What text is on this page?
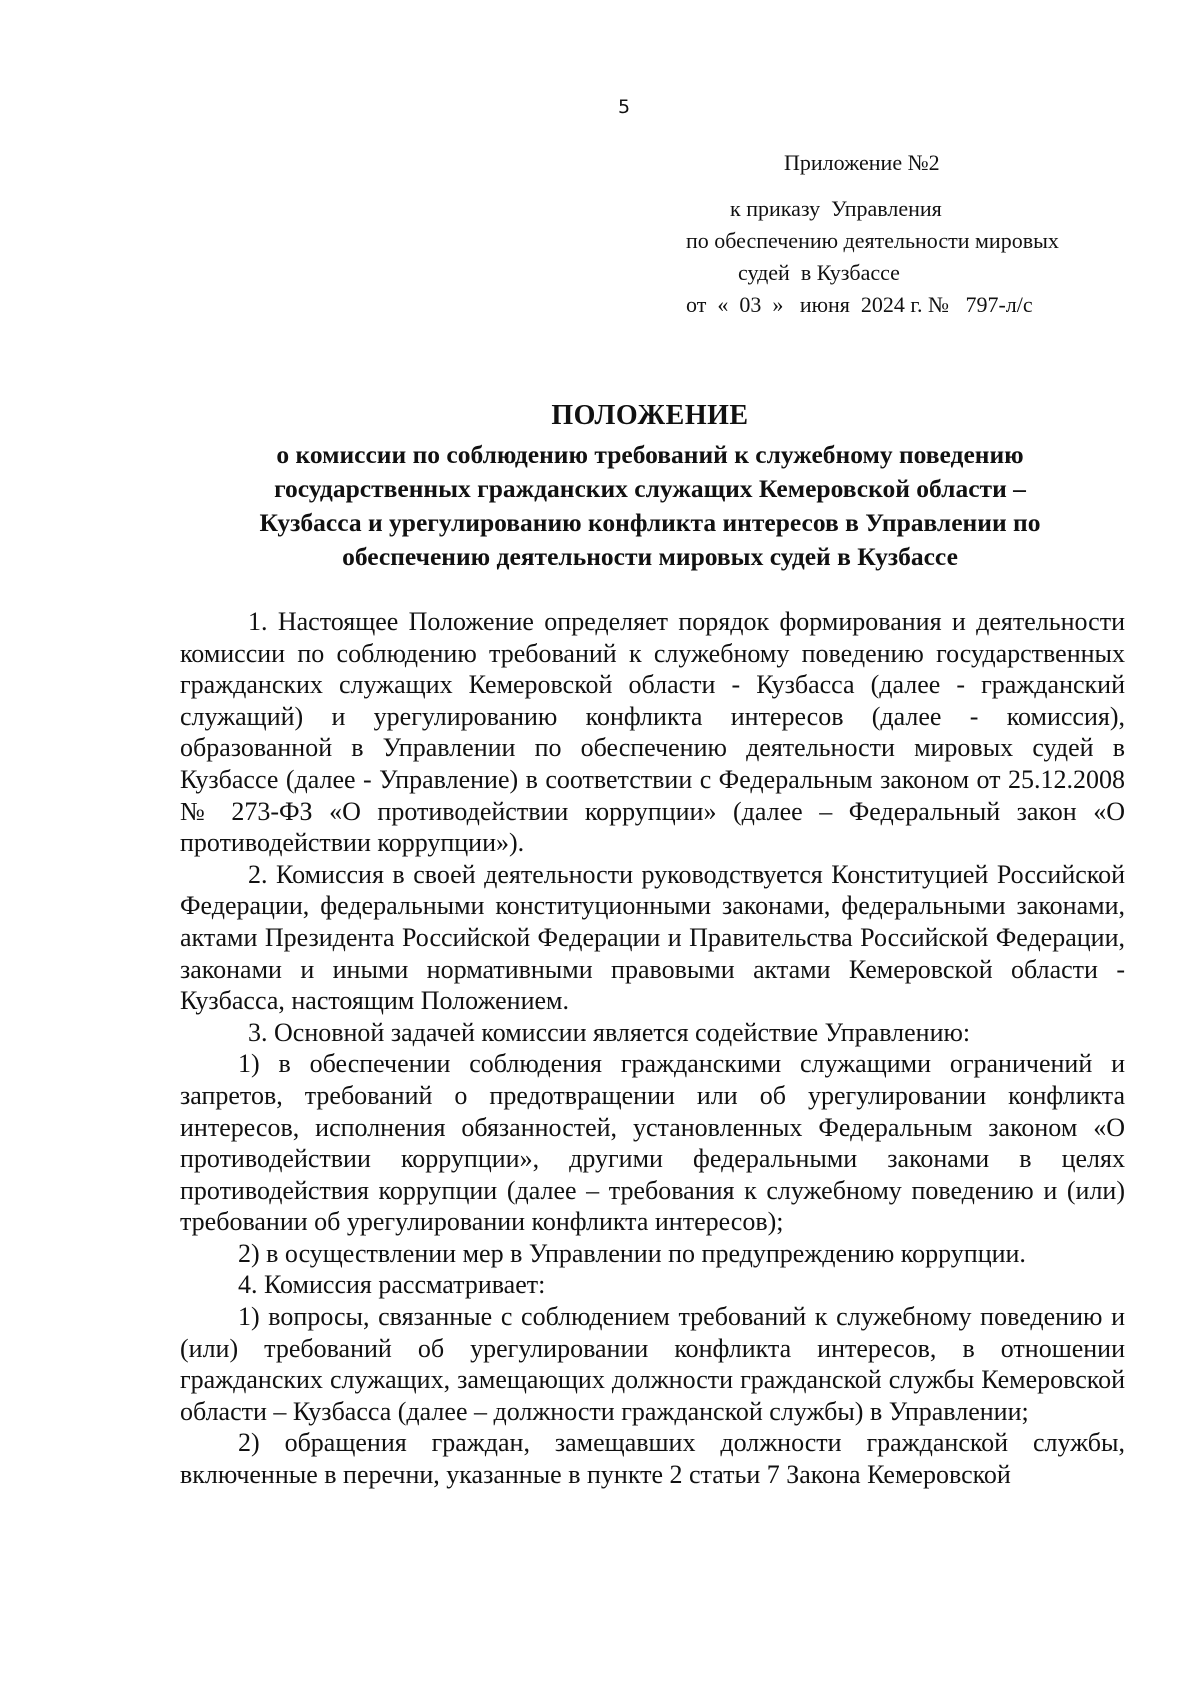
5
Приложение №2
к приказу  Управления
по обеспечению деятельности мировых
судей  в Кузбассе
от  «  03  »   июня  2024 г. №   797-л/с
ПОЛОЖЕНИЕ
о комиссии по соблюдению требований к служебному поведению
государственных гражданских служащих Кемеровской области –
Кузбасса и урегулированию конфликта интересов в Управлении по
обеспечению деятельности мировых судей в Кузбассе

1. Настоящее Положение определяет порядок формирования и деятельности комиссии по соблюдению требований к служебному поведению государственных гражданских служащих Кемеровской области - Кузбасса (далее - гражданский служащий) и урегулированию конфликта интересов (далее - комиссия), образованной в Управлении по обеспечению деятельности мировых судей в Кузбассе (далее - Управление) в соответствии с Федеральным законом от 25.12.2008 № 273-ФЗ «О противодействии коррупции» (далее – Федеральный закон «О противодействии коррупции»).

2. Комиссия в своей деятельности руководствуется Конституцией Российской Федерации, федеральными конституционными законами, федеральными законами, актами Президента Российской Федерации и Правительства Российской Федерации, законами и иными нормативными правовыми актами Кемеровской области - Кузбасса, настоящим Положением.

3. Основной задачей комиссии является содействие Управлению:

1) в обеспечении соблюдения гражданскими служащими ограничений и запретов, требований о предотвращении или об урегулировании конфликта интересов, исполнения обязанностей, установленных Федеральным законом «О противодействии коррупции», другими федеральными законами в целях противодействия коррупции (далее – требования к служебному поведению и (или) требовании об урегулировании конфликта интересов);

2) в осуществлении мер в Управлении по предупреждению коррупции.

4. Комиссия рассматривает:

1) вопросы, связанные с соблюдением требований к служебному поведению и (или) требований об урегулировании конфликта интересов, в отношении гражданских служащих, замещающих должности гражданской службы Кемеровской области – Кузбасса (далее – должности гражданской службы) в Управлении;

2) обращения граждан, замещавших должности гражданской службы, включенные в перечни, указанные в пункте 2 статьи 7 Закона Кемеровской
